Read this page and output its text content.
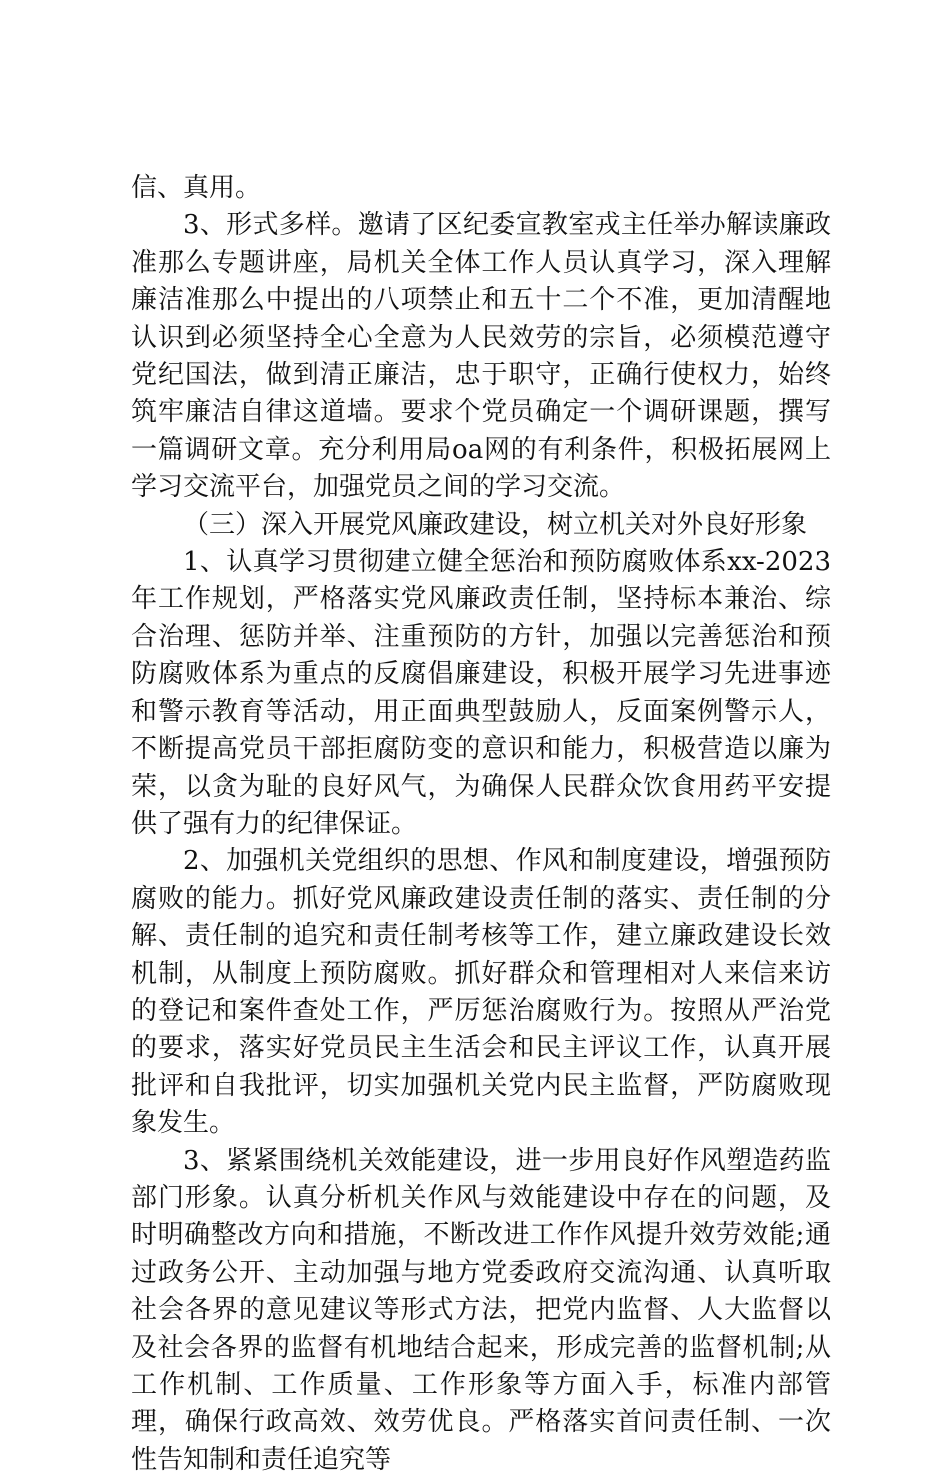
信、真用。

3、形式多样。邀请了区纪委宣教室戎主任举办解读廉政准那么专题讲座，局机关全体工作人员认真学习，深入理解廉洁准那么中提出的八项禁止和五十二个不准，更加清醒地认识到必须坚持全心全意为人民效劳的宗旨，必须模范遵守党纪国法，做到清正廉洁，忠于职守，正确行使权力，始终筑牢廉洁自律这道墙。要求个党员确定一个调研课题，撰写一篇调研文章。充分利用局oa网的有利条件，积极拓展网上学习交流平台，加强党员之间的学习交流。

（三）深入开展党风廉政建设，树立机关对外良好形象

1、认真学习贯彻建立健全惩治和预防腐败体系xx-2023年工作规划，严格落实党风廉政责任制，坚持标本兼治、综合治理、惩防并举、注重预防的方针，加强以完善惩治和预防腐败体系为重点的反腐倡廉建设，积极开展学习先进事迹和警示教育等活动，用正面典型鼓励人，反面案例警示人，不断提高党员干部拒腐防变的意识和能力，积极营造以廉为荣，以贪为耻的良好风气，为确保人民群众饮食用药平安提供了强有力的纪律保证。

2、加强机关党组织的思想、作风和制度建设，增强预防腐败的能力。抓好党风廉政建设责任制的落实、责任制的分解、责任制的追究和责任制考核等工作，建立廉政建设长效机制，从制度上预防腐败。抓好群众和管理相对人来信来访的登记和案件查处工作，严厉惩治腐败行为。按照从严治党的要求，落实好党员民主生活会和民主评议工作，认真开展批评和自我批评，切实加强机关党内民主监督，严防腐败现象发生。

3、紧紧围绕机关效能建设，进一步用良好作风塑造药监部门形象。认真分析机关作风与效能建设中存在的问题，及时明确整改方向和措施，不断改进工作作风提升效劳效能;通过政务公开、主动加强与地方党委政府交流沟通、认真听取社会各界的意见建议等形式方法，把党内监督、人大监督以及社会各界的监督有机地结合起来，形成完善的监督机制;从工作机制、工作质量、工作形象等方面入手，标准内部管理，确保行政高效、效劳优良。严格落实首问责任制、一次性告知制和责任追究等
